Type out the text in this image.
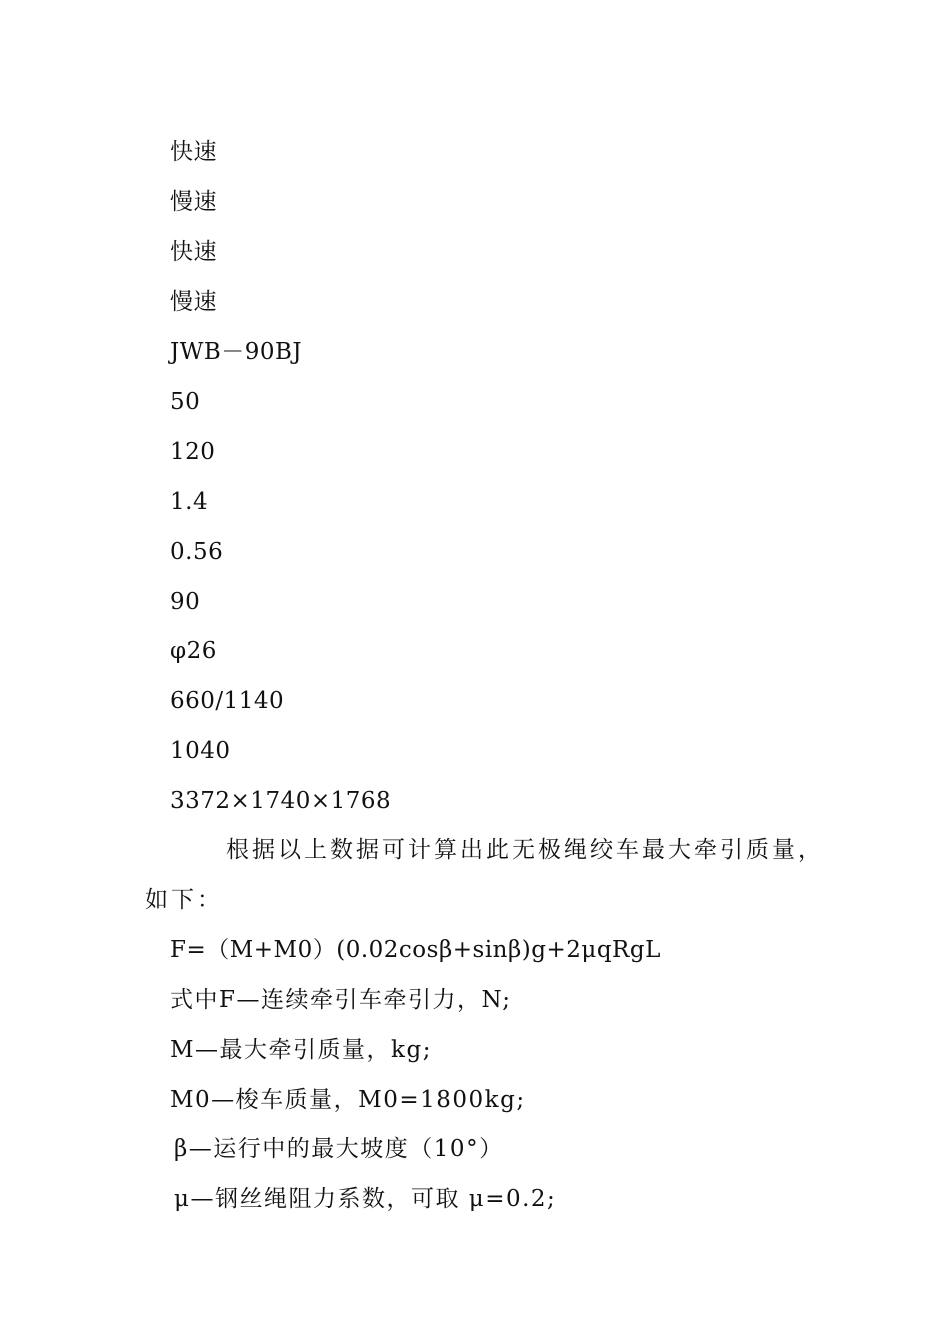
快速
慢速
快速
慢速
JWB－90BJ
50
120
1.4
0.56
90
φ26
660/1140
1040
3372×1740×1768
根据以上数据可计算出此无极绳绞车最大牵引质量，
如下：
F=（M+M0）(0.02cosβ+sinβ)g+2μqRgL
式中F—连续牵引车牵引力，N;
M—最大牵引质量，kg;
M0—梭车质量，M0=1800kg;
β—运行中的最大坡度（10°）
μ—钢丝绳阻力系数，可取 μ=0.2;
